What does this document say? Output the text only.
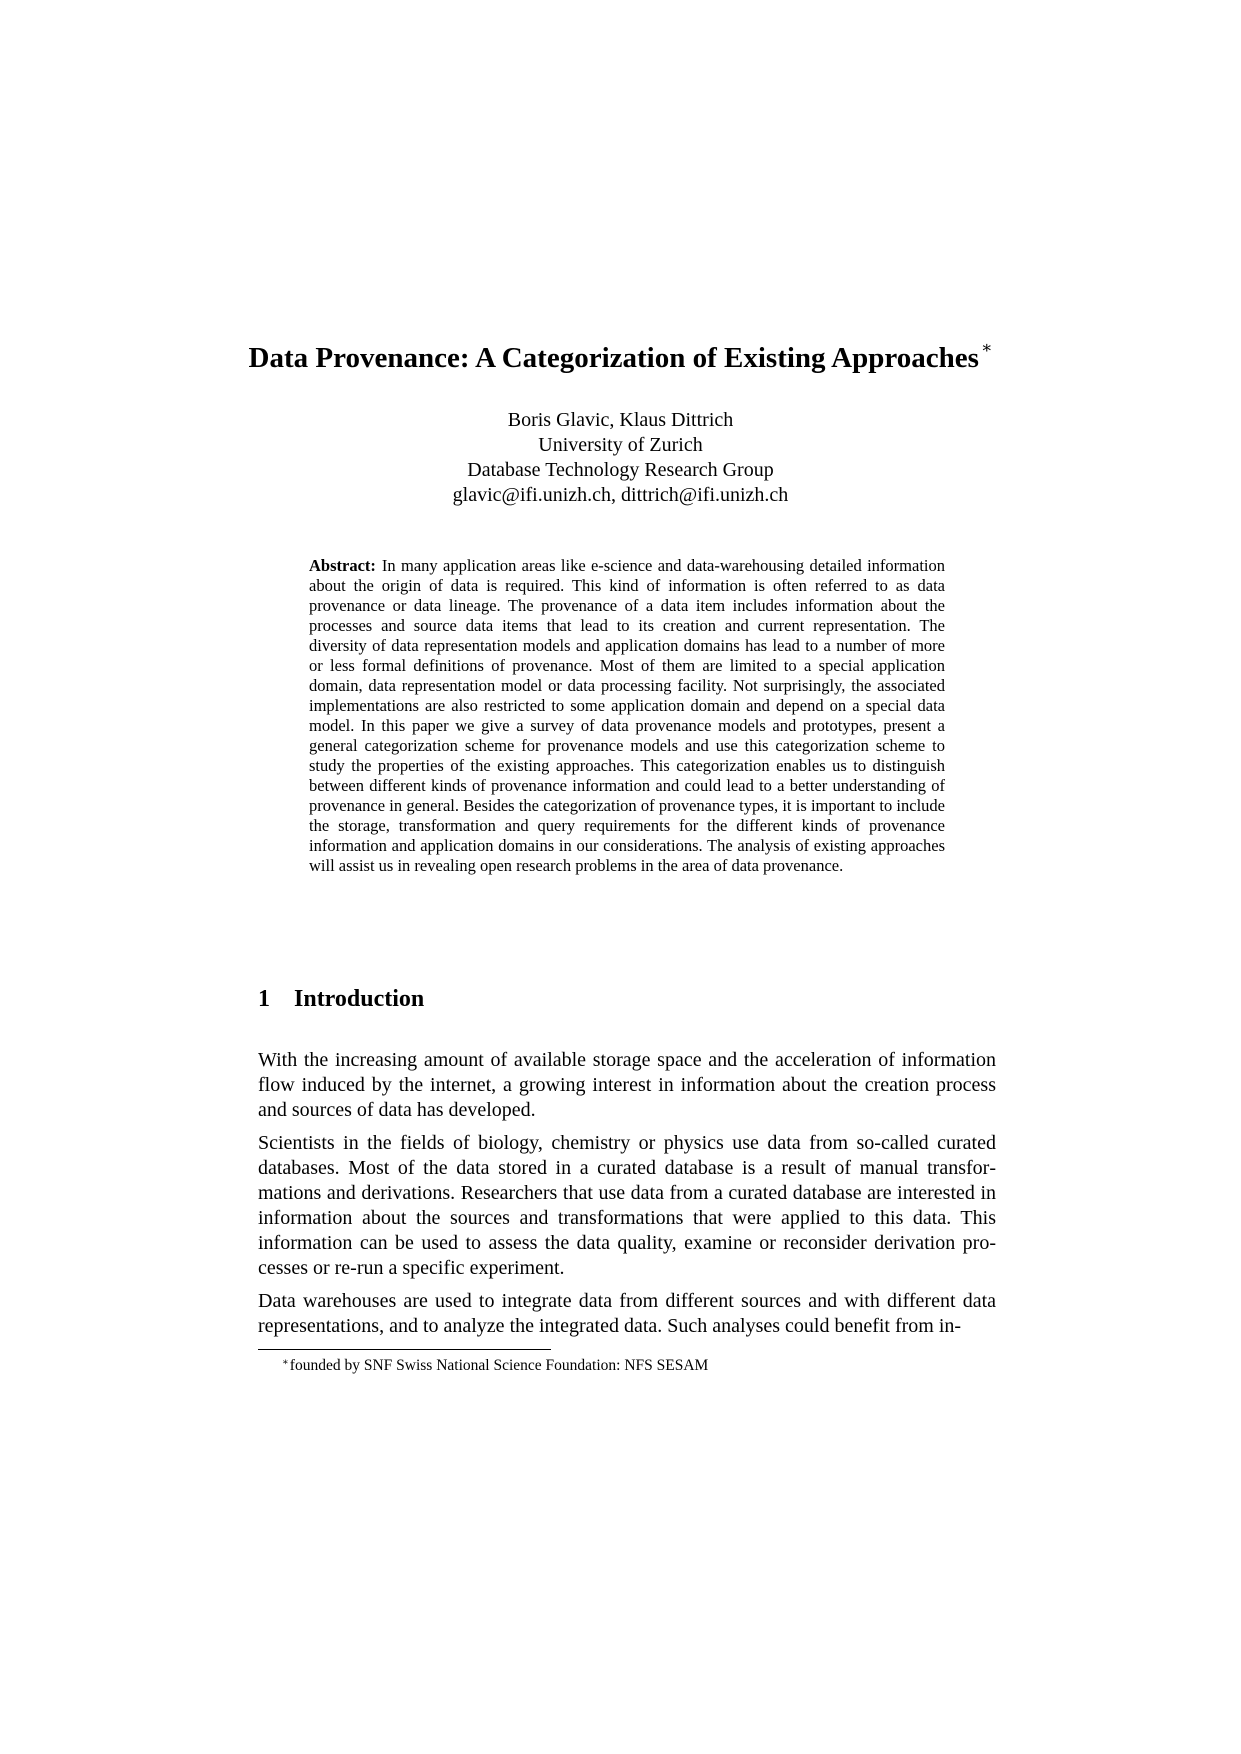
Data Provenance: A Categorization of Existing Approaches ∗
Boris Glavic, Klaus Dittrich
University of Zurich
Database Technology Research Group
glavic@ifi.unizh.ch, dittrich@ifi.unizh.ch
Abstract: In many application areas like e-science and data-warehousing detailed information about the origin of data is required. This kind of information is often referred to as data provenance or data lineage. The provenance of a data item includes information about the processes and source data items that lead to its creation and current representation. The diversity of data representation models and application domains has lead to a number of more or less formal definitions of provenance. Most of them are limited to a special application domain, data representation model or data processing facility. Not surprisingly, the associated implementations are also restricted to some application domain and depend on a special data model. In this paper we give a survey of data provenance models and prototypes, present a general categorization scheme for provenance models and use this categorization scheme to study the properties of the existing approaches. This categorization enables us to distinguish between different kinds of provenance information and could lead to a better understanding of provenance in general. Besides the categorization of provenance types, it is important to include the storage, transformation and query requirements for the different kinds of provenance information and application domains in our considerations. The analysis of existing approaches will assist us in revealing open research problems in the area of data provenance.
1 Introduction

With the increasing amount of available storage space and the acceleration of information flow induced by the internet, a growing interest in information about the creation process and sources of data has developed.

Scientists in the fields of biology, chemistry or physics use data from so-called curated databases. Most of the data stored in a curated database is a result of manual transformations and derivations. Researchers that use data from a curated database are interested in information about the sources and transformations that were applied to this data. This information can be used to assess the data quality, examine or reconsider derivation processes or re-run a specific experiment.

Data warehouses are used to integrate data from different sources and with different data representations, and to analyze the integrated data. Such analyses could benefit from in-

∗founded by SNF Swiss National Science Foundation: NFS SESAM
